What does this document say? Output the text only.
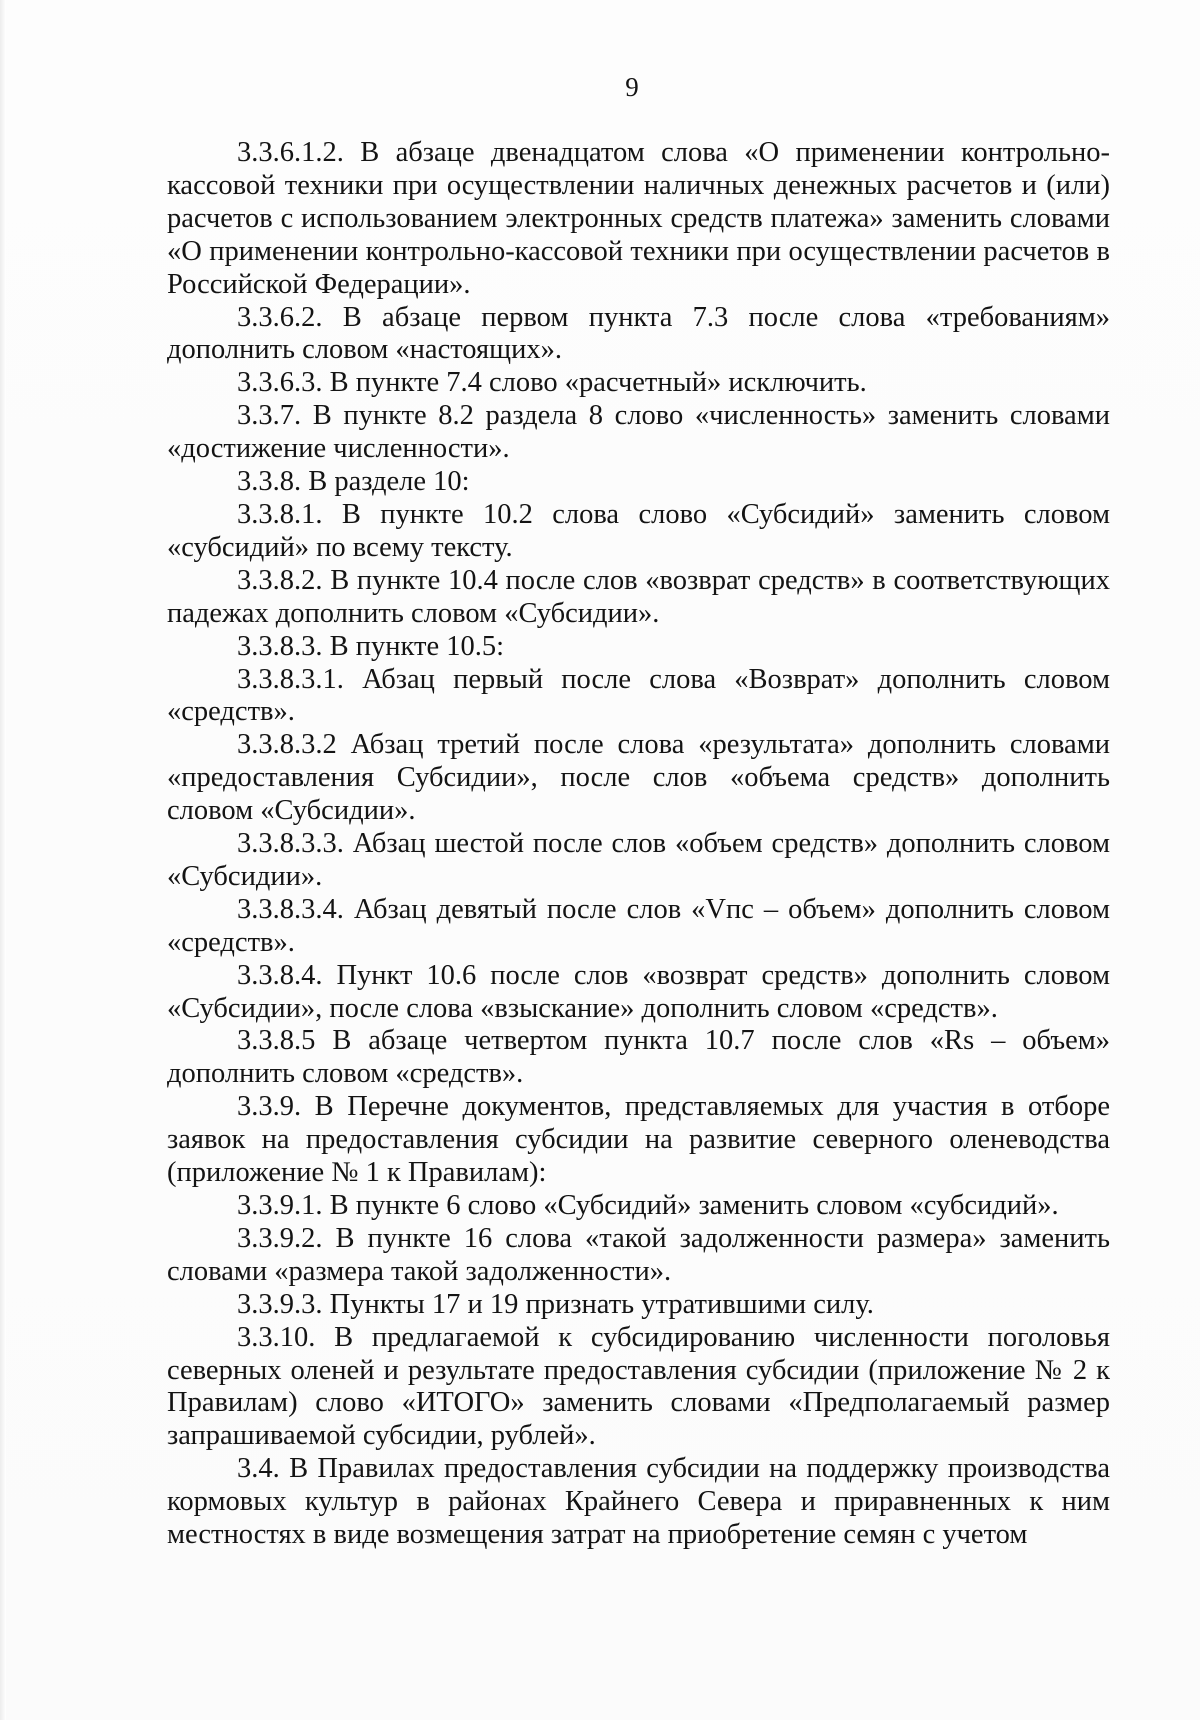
9

3.3.6.1.2. В абзаце двенадцатом слова «О применении контрольно-кассовой техники при осуществлении наличных денежных расчетов и (или) расчетов с использованием электронных средств платежа» заменить словами «О применении контрольно-кассовой техники при осуществлении расчетов в Российской Федерации».

3.3.6.2. В абзаце первом пункта 7.3 после слова «требованиям» дополнить словом «настоящих».

3.3.6.3. В пункте 7.4 слово «расчетный» исключить.

3.3.7. В пункте 8.2 раздела 8 слово «численность» заменить словами «достижение численности».

3.3.8. В разделе 10:

3.3.8.1. В пункте 10.2 слова слово «Субсидий» заменить словом «субсидий» по всему тексту.

3.3.8.2. В пункте 10.4 после слов «возврат средств» в соответствующих падежах дополнить словом «Субсидии».

3.3.8.3. В пункте 10.5:

3.3.8.3.1. Абзац первый после слова «Возврат» дополнить словом «средств».

3.3.8.3.2 Абзац третий после слова «результата» дополнить словами «предоставления Субсидии», после слов «объема средств» дополнить словом «Субсидии».

3.3.8.3.3. Абзац шестой после слов «объем средств» дополнить словом «Субсидии».

3.3.8.3.4. Абзац девятый после слов «Vпс – объем» дополнить словом «средств».

3.3.8.4. Пункт 10.6 после слов «возврат средств» дополнить словом «Субсидии», после слова «взыскание» дополнить словом «средств».

3.3.8.5 В абзаце четвертом пункта 10.7 после слов «Rs – объем» дополнить словом «средств».

3.3.9. В Перечне документов, представляемых для участия в отборе заявок на предоставления субсидии на развитие северного оленеводства (приложение № 1 к Правилам):

3.3.9.1. В пункте 6 слово «Субсидий» заменить словом «субсидий».

3.3.9.2. В пункте 16 слова «такой задолженности размера» заменить словами «размера такой задолженности».

3.3.9.3. Пункты 17 и 19 признать утратившими силу.

3.3.10. В предлагаемой к субсидированию численности поголовья северных оленей и результате предоставления субсидии (приложение № 2 к Правилам) слово «ИТОГО» заменить словами «Предполагаемый размер запрашиваемой субсидии, рублей».

3.4. В Правилах предоставления субсидии на поддержку производства кормовых культур в районах Крайнего Севера и приравненных к ним местностях в виде возмещения затрат на приобретение семян с учетом
